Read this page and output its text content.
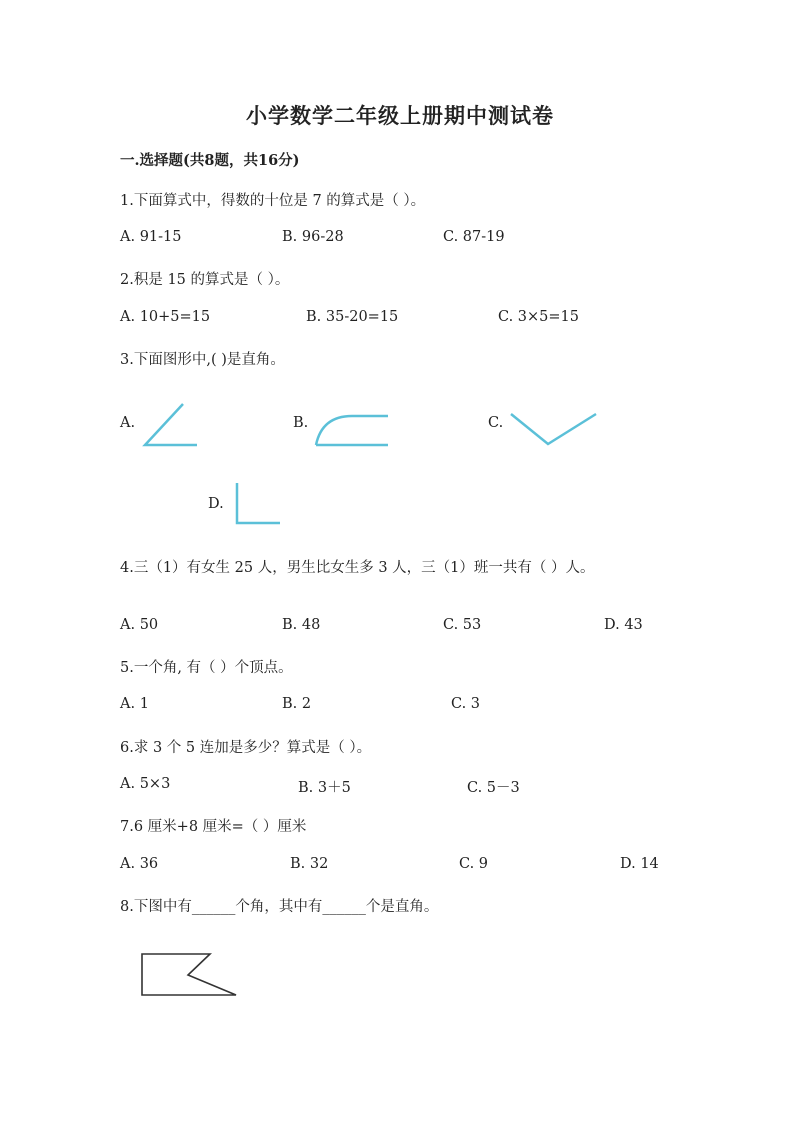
小学数学二年级上册期中测试卷
一.选择题(共8题，共16分)
1.下面算式中，得数的十位是 7 的算式是（ ）。
A. 91-15	B. 96-28	C. 87-19
2.积是 15 的算式是（ ）。
A. 10+5=15	B. 35-20=15	C. 3×5=15
3.下面图形中,( )是直角。
A.	B.	C.
D.
4.三（1）有女生 25 人，男生比女生多 3 人，三（1）班一共有（ ）人。
A. 50	B. 48	C. 53	D. 43
5.一个角, 有（ ）个顶点。
A. 1	B. 2	C. 3
6.求 3 个 5 连加是多少？算式是（ ）。
A. 5×3	B. 3＋5	C. 5－3
7.6 厘米+8 厘米=（ ）厘米
A. 36	B. 32	C. 9	D. 14
8.下图中有______个角，其中有______个是直角。
